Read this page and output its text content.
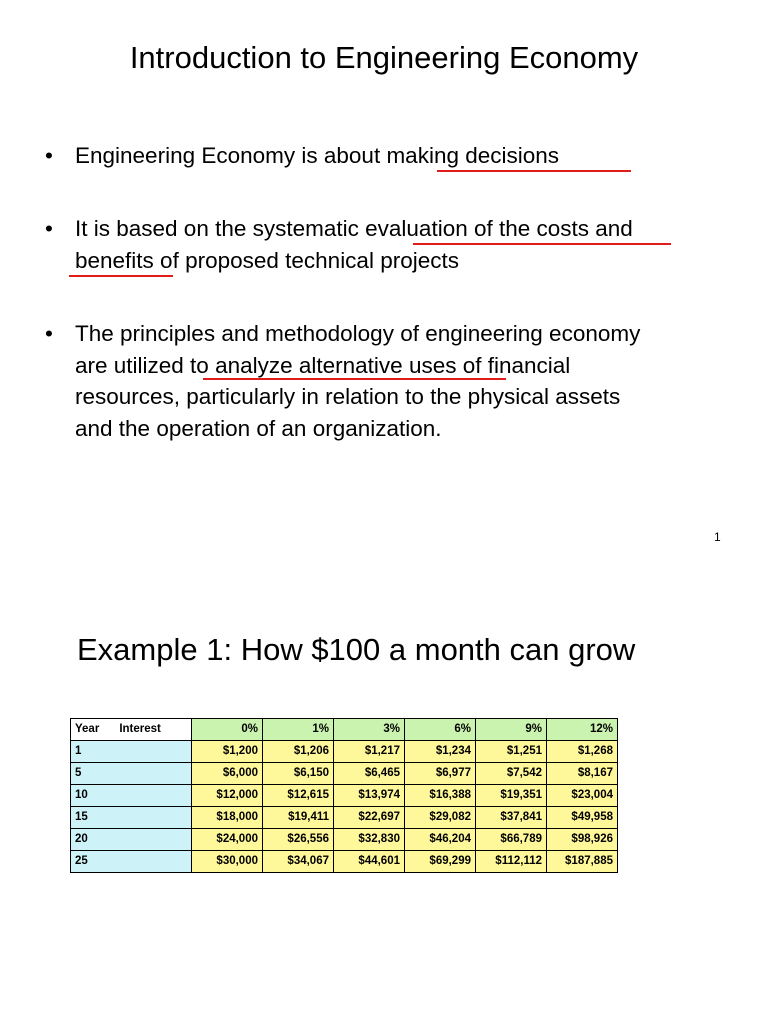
Introduction to Engineering Economy
• Engineering Economy is about making decisions
• It is based on the systematic evaluation of the costs and
benefits of proposed technical projects
• The principles and methodology of engineering economy
are utilized to analyze alternative uses of financial
resources, particularly in relation to the physical assets
and the operation of an organization.
1
Example 1: How $100 a month can grow
Year Interest	0%	1%	3%	6%	9%	12%
1	$1,200	$1,206	$1,217	$1,234	$1,251	$1,268
5	$6,000	$6,150	$6,465	$6,977	$7,542	$8,167
10	$12,000	$12,615	$13,974	$16,388	$19,351	$23,004
15	$18,000	$19,411	$22,697	$29,082	$37,841	$49,958
20	$24,000	$26,556	$32,830	$46,204	$66,789	$98,926
25	$30,000	$34,067	$44,601	$69,299	$112,112	$187,885
